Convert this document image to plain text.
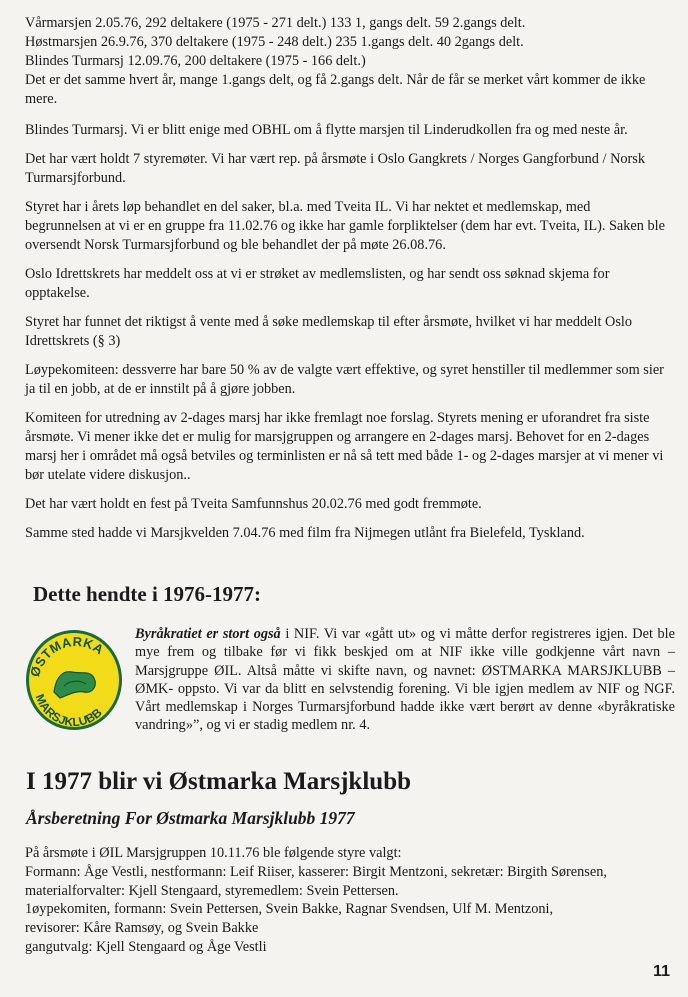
Vårmarsjen 2.05.76, 292 deltakere (1975 - 271 delt.) 133 1, gangs delt. 59 2.gangs delt.

Høstmarsjen 26.9.76, 370 deltakere (1975 - 248 delt.) 235 1.gangs delt. 40 2gangs delt.

Blindes Turmarsj 12.09.76, 200 deltakere (1975 - 166 delt.)

Det er det samme hvert år, mange 1.gangs delt, og få 2.gangs delt. Når de får se merket vårt kommer de ikke mere.

Blindes Turmarsj. Vi er blitt enige med OBHL om å flytte marsjen til Linderudkollen fra og med neste år.

Det har vært holdt 7 styremøter. Vi har vært rep. på årsmøte i Oslo Gangkrets / Norges Gangforbund / Norsk Turmarsjforbund.

Styret har i årets løp behandlet en del saker, bl.a. med Tveita IL. Vi har nektet et medlemskap, med begrunnelsen at vi er en gruppe fra 11.02.76 og ikke har gamle forpliktelser (dem har evt. Tveita, IL). Saken ble oversendt Norsk Turmarsjforbund og ble behandlet der på møte 26.08.76.

Oslo Idrettskrets har meddelt oss at vi er strøket av medlemslisten, og har sendt oss søknad skjema for opptakelse.

Styret har funnet det riktigst å vente med å søke medlemskap til efter årsmøte, hvilket vi har meddelt Oslo Idrettskrets (§ 3)

Løypekomiteen: dessverre har bare 50 % av de valgte vært effektive, og syret henstiller til medlemmer som sier ja til en jobb, at de er innstilt på å gjøre jobben.

Komiteen for utredning av 2-dages marsj har ikke fremlagt noe forslag. Styrets mening er uforandret fra siste årsmøte. Vi mener ikke det er mulig for marsjgruppen og arrangere en 2-dages marsj. Behovet for en 2-dages marsj her i området må også betviles og terminlisten er nå så tett med både 1- og 2-dages marsjer at vi mener vi bør utelate videre diskusjon..

Det har vært holdt en fest på Tveita Samfunnshus 20.02.76 med godt fremmøte.

Samme sted hadde vi Marsjkvelden 7.04.76 med film fra Nijmegen utlånt fra Bielefeld, Tyskland.

Dette hendte i 1976-1977:
ØSTMARKA
MARSJKLUBB
Byråkratiet er stort også i NIF. Vi var «gått ut» og vi måtte derfor registreres igjen. Det ble mye frem og tilbake før vi fikk beskjed om at NIF ikke ville godkjenne vårt navn – Marsjgruppe ØIL. Altså måtte vi skifte navn, og navnet: ØSTMARKA MARSJKLUBB –ØMK- oppsto. Vi var da blitt en selvstendig forening. Vi ble igjen medlem av NIF og NGF. Vårt medlemskap i Norges Turmarsjforbund hadde ikke vært berørt av denne «byråkratiske vandring»”, og vi er stadig medlem nr. 4.
I 1977 blir vi Østmarka Marsjklubb
Årsberetning For Østmarka Marsjklubb 1977
På årsmøte i ØIL Marsjgruppen 10.11.76 ble følgende styre valgt:
Formann: Åge Vestli, nestformann: Leif Riiser, kasserer: Birgit Mentzoni, sekretær: Birgith Sørensen,
materialforvalter: Kjell Stengaard, styremedlem: Svein Pettersen.
1øypekomiten, formann: Svein Pettersen, Svein Bakke, Ragnar Svendsen, Ulf M. Mentzoni,
revisorer: Kåre Ramsøy, og Svein Bakke
gangutvalg: Kjell Stengaard og Åge Vestli
11
